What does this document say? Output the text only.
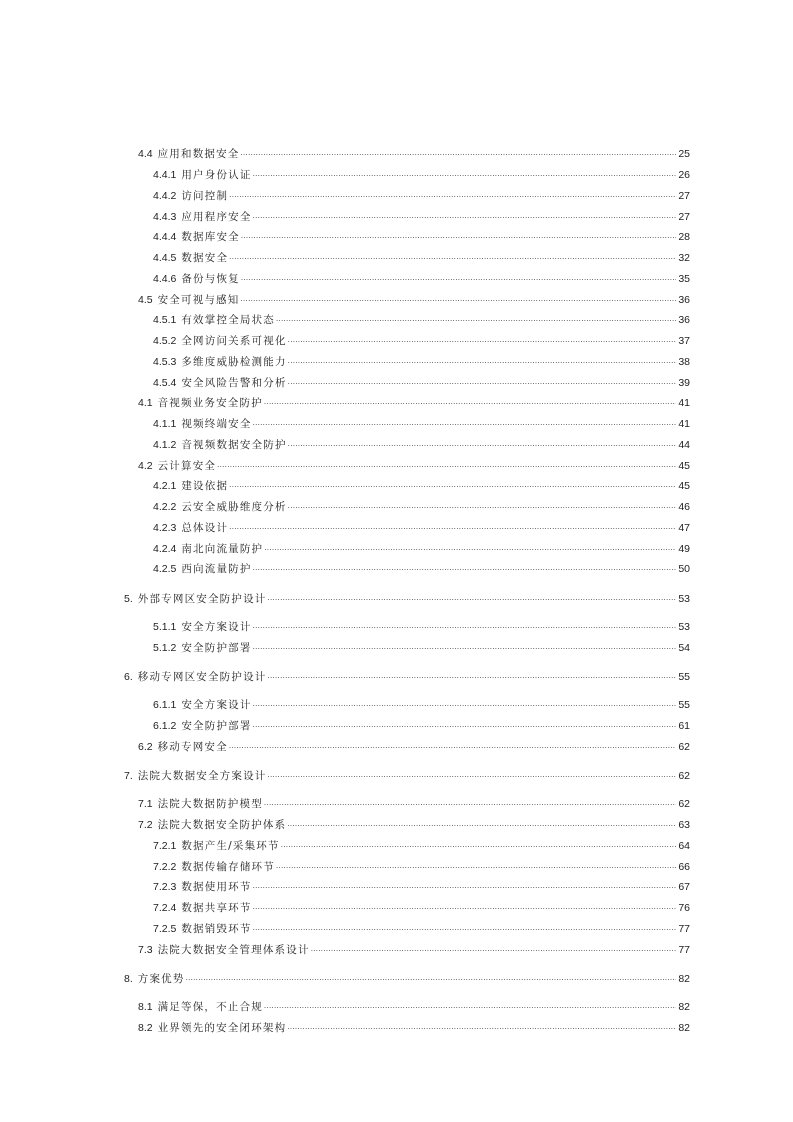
4.4 应用和数据安全 .....	25
4.4.1 用户身份认证 .....	26
4.4.2 访问控制 .....	27
4.4.3 应用程序安全 .....	27
4.4.4 数据库安全 .....	28
4.4.5 数据安全 .....	32
4.4.6 备份与恢复 .....	35
4.5 安全可视与感知 .....	36
4.5.1 有效掌控全局状态 .....	36
4.5.2 全网访问关系可视化 .....	37
4.5.3 多维度威胁检测能力 .....	38
4.5.4 安全风险告警和分析 .....	39
4.1 音视频业务安全防护 .....	41
4.1.1 视频终端安全 .....	41
4.1.2 音视频数据安全防护 .....	44
4.2 云计算安全 .....	45
4.2.1 建设依据 .....	45
4.2.2 云安全威胁维度分析 .....	46
4.2.3 总体设计 .....	47
4.2.4 南北向流量防护 .....	49
4.2.5 西向流量防护 .....	50
5. 外部专网区安全防护设计 .....	53
5.1.1 安全方案设计 .....	53
5.1.2 安全防护部署 .....	54
6. 移动专网区安全防护设计 .....	55
6.1.1 安全方案设计 .....	55
6.1.2 安全防护部署 .....	61
6.2 移动专网安全 .....	62
7. 法院大数据安全方案设计 .....	62
7.1 法院大数据防护模型 .....	62
7.2 法院大数据安全防护体系 .....	63
7.2.1 数据产生/采集环节 .....	64
7.2.2 数据传输存储环节 .....	66
7.2.3 数据使用环节 .....	67
7.2.4 数据共享环节 .....	76
7.2.5 数据销毁环节 .....	77
7.3 法院大数据安全管理体系设计 .....	77
8. 方案优势 .....	82
8.1 满足等保，不止合规 .....	82
8.2 业界领先的安全闭环架构 .....	82
